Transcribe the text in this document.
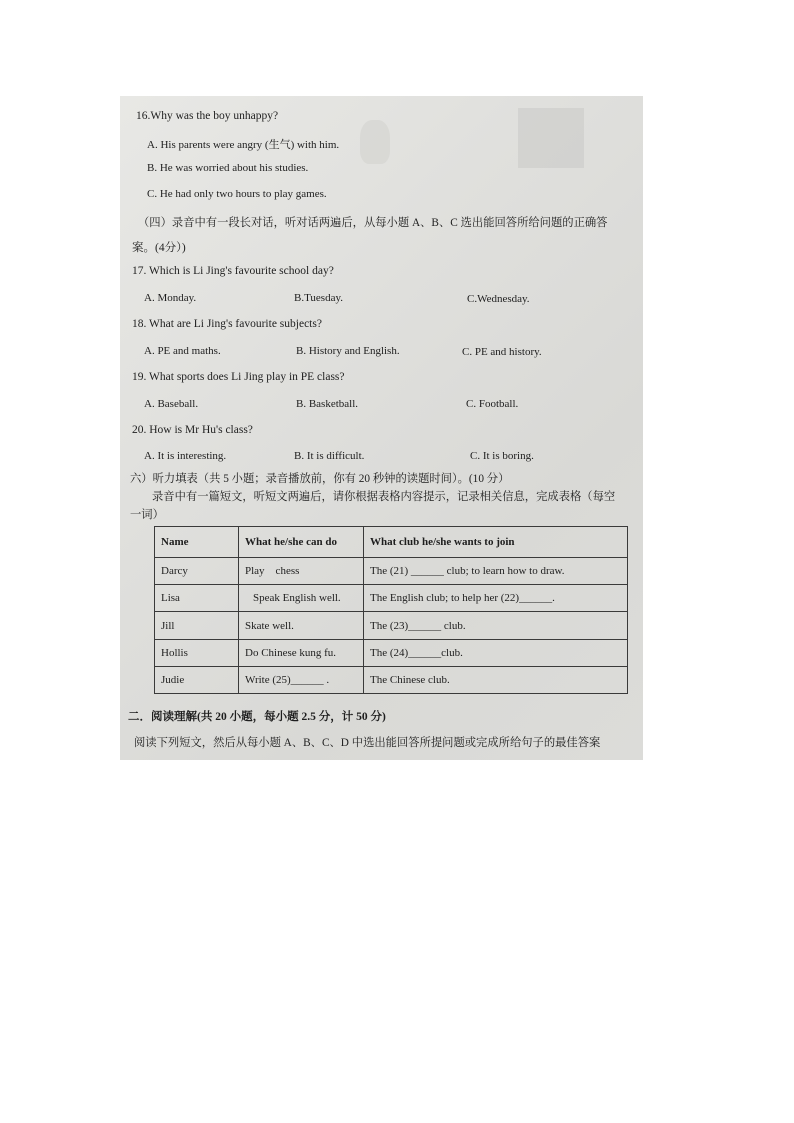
16.Why was the boy unhappy?
A. His parents were angry (生气) with him.
B. He was worried about his studies.
C. He had only two hours to play games.
（四）录音中有一段长对话，听对话两遍后，从每小题 A、B、C 选出能回答所给问题的正确答
案。(4分）)
17. Which is Li Jing's favourite school day?
A. Monday.	B.Tuesday.	C.Wednesday.
18. What are Li Jing's favourite subjects?
A. PE and maths.	B. History and English.	C. PE and history.
19. What sports does Li Jing play in PE class?
A. Baseball.	B. Basketball.	C. Football.
20. How is Mr Hu's class?
A. It is interesting.	B. It is difficult.	C. It is boring.
六）听力填表（共 5 小题；录音播放前，你有 20 秒钟的读题时间）。(10 分）
录音中有一篇短文，听短文两遍后，请你根据表格内容提示，记录相关信息，完成表格（每空
一词）
Name	What he/she can do	What club he/she wants to join
Darcy	Play    chess	The (21) ______ club; to learn how to draw.
Lisa	Speak English well.	The English club; to help her (22)______.
Jill	Skate well.	The (23)______ club.
Hollis	Do Chinese kung fu.	The (24)______club.
Judie	Write (25)______ .	The Chinese club.
二．阅读理解(共 20 小题，每小题 2.5 分，计 50 分)
阅读下列短文，然后从每小题 A、B、C、D 中选出能回答所提问题或完成所给句子的最佳答案
